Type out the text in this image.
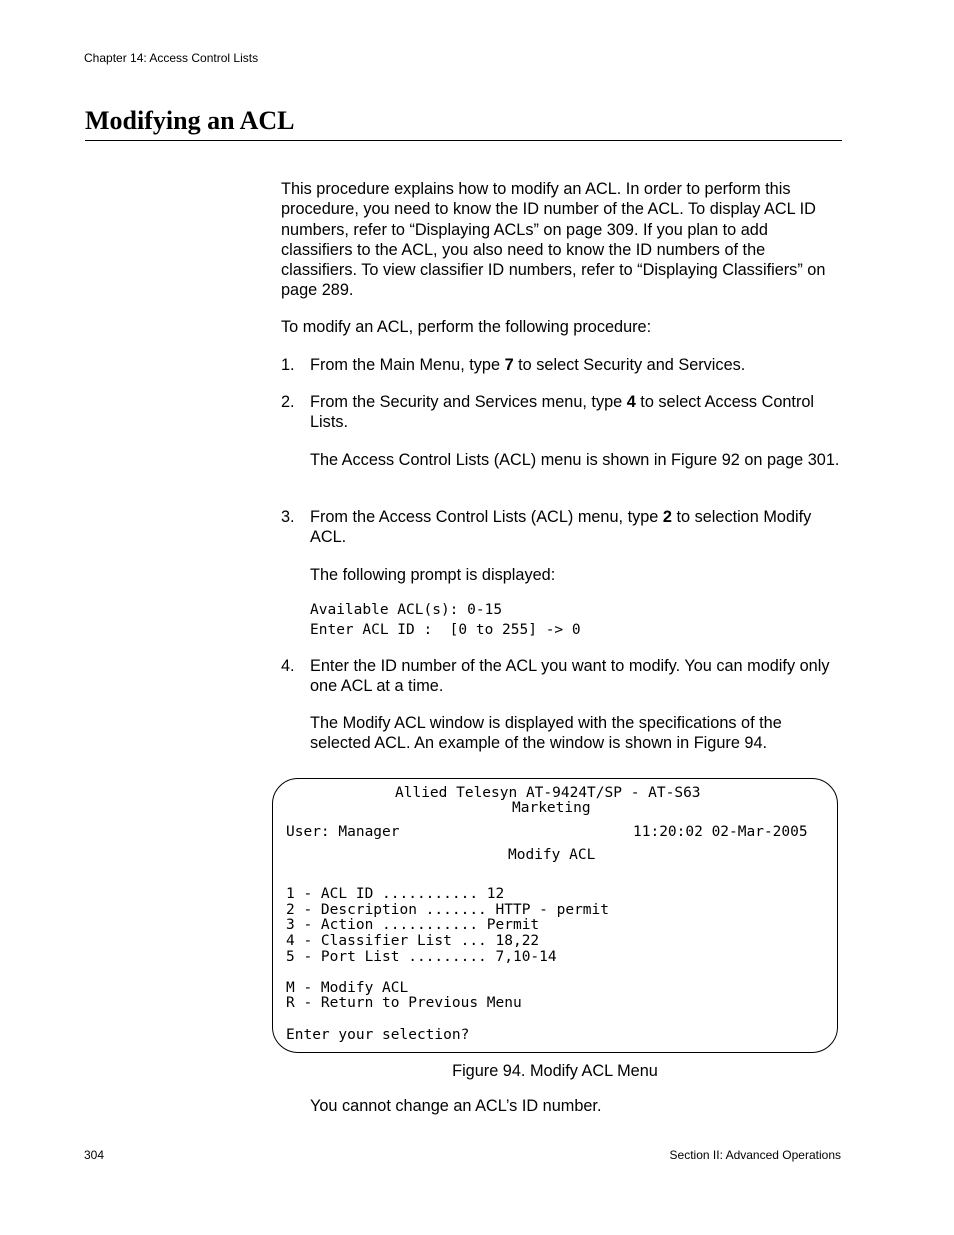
Chapter 14: Access Control Lists
Modifying an ACL

This procedure explains how to modify an ACL. In order to perform this procedure, you need to know the ID number of the ACL. To display ACL ID numbers, refer to “Displaying ACLs” on page 309. If you plan to add classifiers to the ACL, you also need to know the ID numbers of the classifiers. To view classifier ID numbers, refer to “Displaying Classifiers” on page 289.

To modify an ACL, perform the following procedure:
1. From the Main Menu, type 7 to select Security and Services.
2. From the Security and Services menu, type 4 to select Access Control Lists.
The Access Control Lists (ACL) menu is shown in Figure 92 on page 301.
3. From the Access Control Lists (ACL) menu, type 2 to selection Modify ACL.
The following prompt is displayed:
Available ACL(s): 0-15
Enter ACL ID :  [0 to 255] -> 0
4. Enter the ID number of the ACL you want to modify. You can modify only one ACL at a time.
The Modify ACL window is displayed with the specifications of the selected ACL. An example of the window is shown in Figure 94.
Allied Telesyn AT-9424T/SP - AT-S63
Marketing
User: Manager	11:20:02 02-Mar-2005
Modify ACL
1 - ACL ID ........... 12
2 - Description ....... HTTP - permit
3 - Action ........... Permit
4 - Classifier List ... 18,22
5 - Port List ......... 7,10-14
M - Modify ACL
R - Return to Previous Menu
Enter your selection?
Figure 94. Modify ACL Menu
You cannot change an ACL’s ID number.
304	Section II: Advanced Operations
